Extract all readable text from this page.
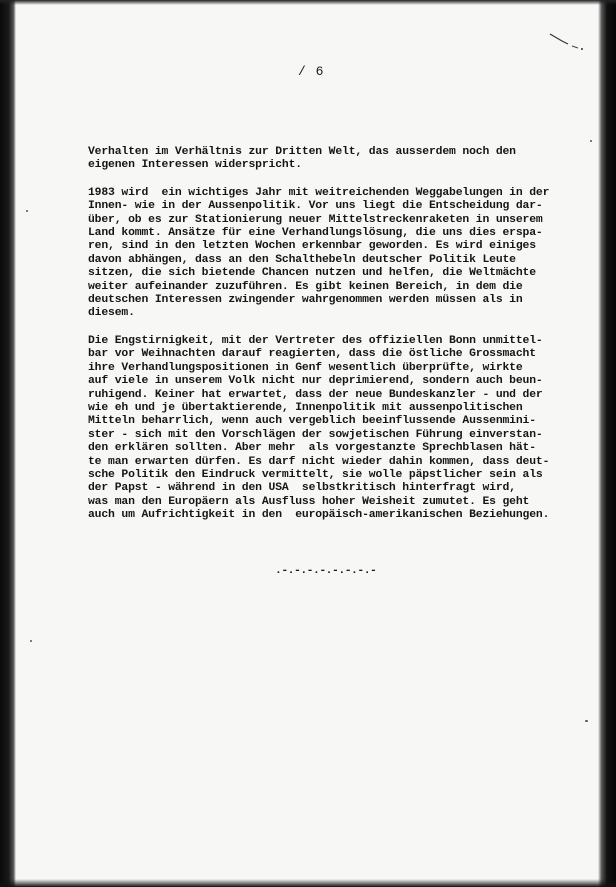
/ 6

Verhalten im Verhältnis zur Dritten Welt, das ausserdem noch den
eigenen Interessen widerspricht.
1983 wird  ein wichtiges Jahr mit weitreichenden Weggabelungen in der
Innen- wie in der Aussenpolitik. Vor uns liegt die Entscheidung dar-
über, ob es zur Stationierung neuer Mittelstreckenraketen in unserem
Land kommt. Ansätze für eine Verhandlungslösung, die uns dies erspa-
ren, sind in den letzten Wochen erkennbar geworden. Es wird einiges
davon abhängen, dass an den Schalthebeln deutscher Politik Leute
sitzen, die sich bietende Chancen nutzen und helfen, die Weltmächte
weiter aufeinander zuzuführen. Es gibt keinen Bereich, in dem die
deutschen Interessen zwingender wahrgenommen werden müssen als in
diesem.
Die Engstirnigkeit, mit der Vertreter des offiziellen Bonn unmittel-
bar vor Weihnachten darauf reagierten, dass die östliche Grossmacht
ihre Verhandlungspositionen in Genf wesentlich überprüfte, wirkte
auf viele in unserem Volk nicht nur deprimierend, sondern auch beun-
ruhigend. Keiner hat erwartet, dass der neue Bundeskanzler - und der
wie eh und je übertaktierende, Innenpolitik mit aussenpolitischen
Mitteln beharrlich, wenn auch vergeblich beeinflussende Aussenmini-
ster - sich mit den Vorschlägen der sowjetischen Führung einverstan-
den erklären sollten. Aber mehr  als vorgestanzte Sprechblasen hät-
te man erwarten dürfen. Es darf nicht wieder dahin kommen, dass deut-
sche Politik den Eindruck vermittelt, sie wolle päpstlicher sein als
der Papst - während in den USA  selbstkritisch hinterfragt wird,
was man den Europäern als Ausfluss hoher Weisheit zumutet. Es geht
auch um Aufrichtigkeit in den  europäisch-amerikanischen Beziehungen.

.-.-.-.-.-.-.-.-
